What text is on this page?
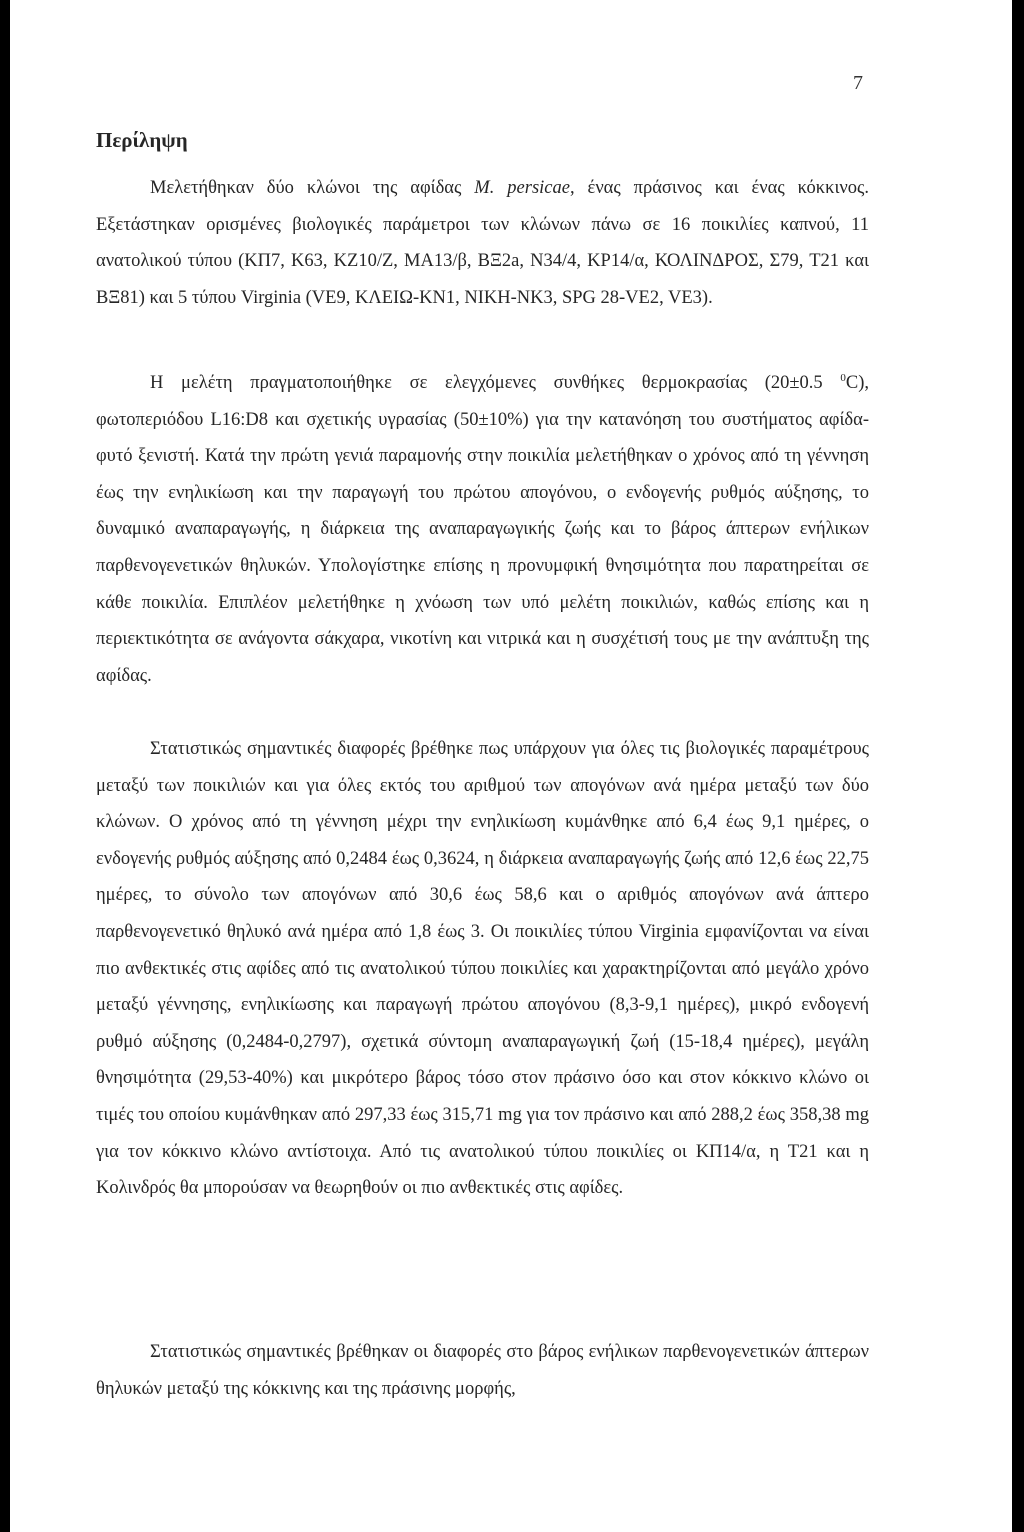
7
Περίληψη

Μελετήθηκαν δύο κλώνοι της αφίδας M. persicae, ένας πράσινος και ένας κόκκινος. Εξετάστηκαν ορισμένες βιολογικές παράμετροι των κλώνων πάνω σε 16 ποικιλίες καπνού, 11 ανατολικού τύπου (ΚΠ7, Κ63, ΚΖ10/Ζ, ΜΑ13/β, ΒΞ2a, Ν34/4, ΚΡ14/α, ΚΟΛΙΝΔΡΟΣ, Σ79, Τ21 και ΒΞ81) και 5 τύπου Virginia (VE9, ΚΛΕΙΩ-ΚΝ1, ΝΙΚΗ-ΝΚ3, SPG 28-VE2, VE3).

Η μελέτη πραγματοποιήθηκε σε ελεγχόμενες συνθήκες θερμοκρασίας (20±0.5 $^0$C), φωτοπεριόδου L16:D8 και σχετικής υγρασίας (50±10%) για την κατανόηση του συστήματος αφίδα-φυτό ξενιστή. Κατά την πρώτη γενιά παραμονής στην ποικιλία μελετήθηκαν ο χρόνος από τη γέννηση έως την ενηλικίωση και την παραγωγή του πρώτου απογόνου, ο ενδογενής ρυθμός αύξησης, το δυναμικό αναπαραγωγής, η διάρκεια της αναπαραγωγικής ζωής και το βάρος άπτερων ενήλικων παρθενογενετικών θηλυκών. Υπολογίστηκε επίσης η προνυμφική θνησιμότητα που παρατηρείται σε κάθε ποικιλία. Επιπλέον μελετήθηκε η χνόωση των υπό μελέτη ποικιλιών, καθώς επίσης και η περιεκτικότητα σε ανάγοντα σάκχαρα, νικοτίνη και νιτρικά και η συσχέτισή τους με την ανάπτυξη της αφίδας.

Στατιστικώς σημαντικές διαφορές βρέθηκε πως υπάρχουν για όλες τις βιολογικές παραμέτρους μεταξύ των ποικιλιών και για όλες εκτός του αριθμού των απογόνων ανά ημέρα μεταξύ των δύο κλώνων. Ο χρόνος από τη γέννηση μέχρι την ενηλικίωση κυμάνθηκε από 6,4 έως 9,1 ημέρες, ο ενδογενής ρυθμός αύξησης από 0,2484 έως 0,3624, η διάρκεια αναπαραγωγής ζωής από 12,6 έως 22,75 ημέρες, το σύνολο των απογόνων από 30,6 έως 58,6 και ο αριθμός απογόνων ανά άπτερο παρθενογενετικό θηλυκό ανά ημέρα από 1,8 έως 3. Οι ποικιλίες τύπου Virginia εμφανίζονται να είναι πιο ανθεκτικές στις αφίδες από τις ανατολικού τύπου ποικιλίες και χαρακτηρίζονται από μεγάλο χρόνο μεταξύ γέννησης, ενηλικίωσης και παραγωγή πρώτου απογόνου (8,3-9,1 ημέρες), μικρό ενδογενή ρυθμό αύξησης (0,2484-0,2797), σχετικά σύντομη αναπαραγωγική ζωή (15-18,4 ημέρες), μεγάλη θνησιμότητα (29,53-40%) και μικρότερο βάρος τόσο στον πράσινο όσο και στον κόκκινο κλώνο οι τιμές του οποίου κυμάνθηκαν από 297,33 έως 315,71 mg για τον πράσινο και από 288,2 έως 358,38 mg για τον κόκκινο κλώνο αντίστοιχα. Από τις ανατολικού τύπου ποικιλίες οι ΚΠ14/α, η Τ21 και η Κολινδρός θα μπορούσαν να θεωρηθούν οι πιο ανθεκτικές στις αφίδες.

Στατιστικώς σημαντικές βρέθηκαν οι διαφορές στο βάρος ενήλικων παρθενογενετικών άπτερων θηλυκών μεταξύ της κόκκινης και της πράσινης μορφής,
